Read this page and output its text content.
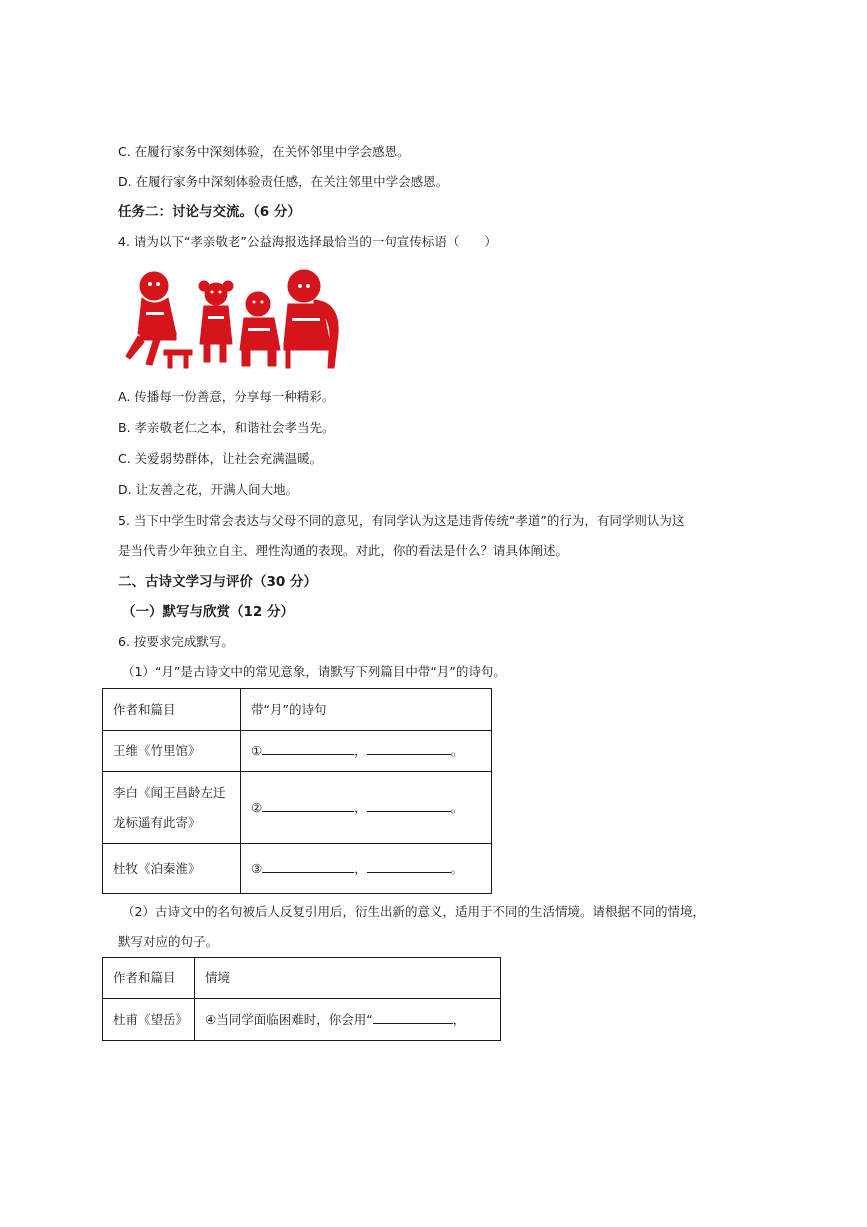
C. 在履行家务中深刻体验，在关怀邻里中学会感恩。
D. 在履行家务中深刻体验责任感，在关注邻里中学会感恩。
任务二：讨论与交流。（6 分）
4. 请为以下“孝亲敬老”公益海报选择最恰当的一句宣传标语（　　）
A. 传播每一份善意，分享每一种精彩。
B. 孝亲敬老仁之本，和谐社会孝当先。
C. 关爱弱势群体，让社会充满温暖。
D. 让友善之花，开满人间大地。
5. 当下中学生时常会表达与父母不同的意见，有同学认为这是违背传统“孝道”的行为，有同学则认为这
是当代青少年独立自主、理性沟通的表现。对此，你的看法是什么？请具体阐述。
二、古诗文学习与评价（30 分）
（一）默写与欣赏（12 分）
6. 按要求完成默写。
（1）“月”是古诗文中的常见意象，请默写下列篇目中带“月”的诗句。
作者和篇目	带“月”的诗句
王维《竹里馆》	① ， 。

李白《闻王昌龄左迁
龙标遥有此寄》	② ， 。
杜牧《泊秦淮》	③ ， 。
（2）古诗文中的名句被后人反复引用后，衍生出新的意义，适用于不同的生活情境。请根据不同的情境，
默写对应的句子。
作者和篇目	情境
杜甫《望岳》	④当同学面临困难时，你会用“ ，
